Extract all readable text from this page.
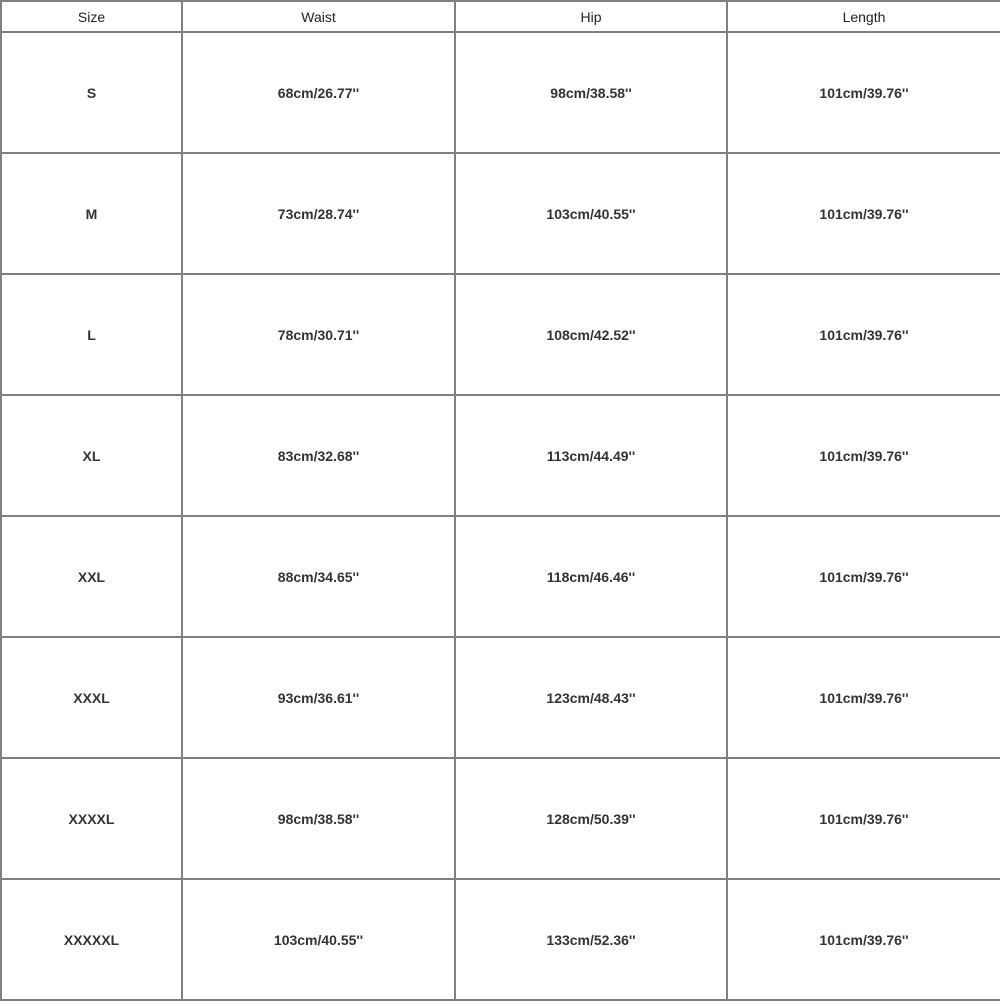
Size	Waist	Hip	Length
S	68cm/26.77''	98cm/38.58''	101cm/39.76''
M	73cm/28.74''	103cm/40.55''	101cm/39.76''
L	78cm/30.71''	108cm/42.52''	101cm/39.76''
XL	83cm/32.68''	113cm/44.49''	101cm/39.76''
XXL	88cm/34.65''	118cm/46.46''	101cm/39.76''
XXXL	93cm/36.61''	123cm/48.43''	101cm/39.76''
XXXXL	98cm/38.58''	128cm/50.39''	101cm/39.76''
XXXXXL	103cm/40.55''	133cm/52.36''	101cm/39.76''
